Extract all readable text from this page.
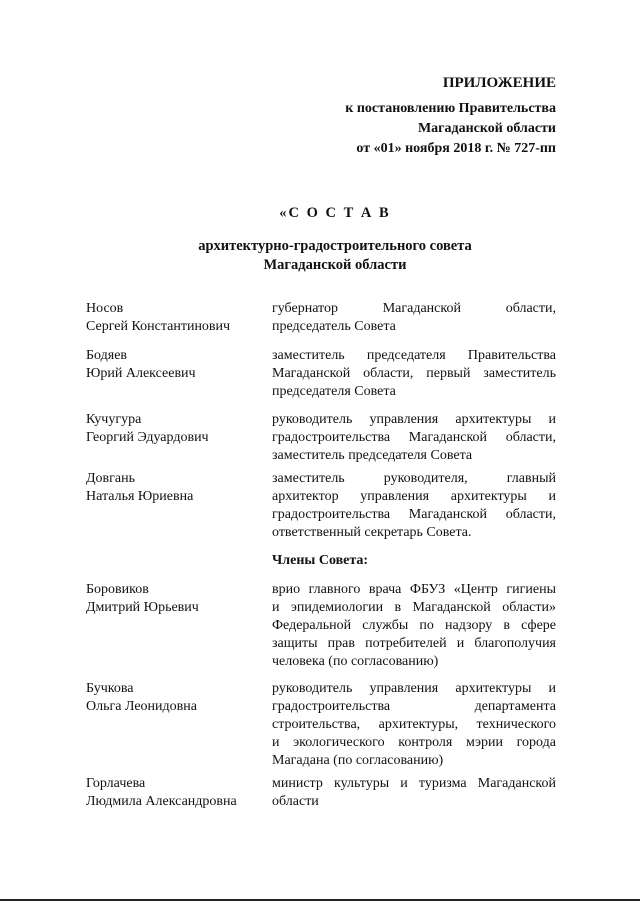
ПРИЛОЖЕНИЕ
к постановлению Правительства
Магаданской области
от «01» ноября 2018 г. № 727-пп
«С О С Т А В
архитектурно-градостроительного совета
Магаданской области
Носов
Сергей Константинович
губернатор Магаданской области,
председатель Совета
Бодяев
Юрий Алексеевич
заместитель председателя Правительства
Магаданской области, первый заместитель
председателя Совета
Кучугура
Георгий Эдуардович
руководитель управления архитектуры и
градостроительства Магаданской области,
заместитель председателя Совета
Довгань
Наталья Юриевна
заместитель руководителя, главный
архитектор управления архитектуры и
градостроительства Магаданской области,
ответственный секретарь Совета.
Боровиков
Дмитрий Юрьевич
врио главного врача ФБУЗ «Центр гигиены
и эпидемиологии в Магаданской области»
Федеральной службы по надзору в сфере
защиты прав потребителей и благополучия
человека (по согласованию)
Бучкова
Ольга Леонидовна
руководитель управления архитектуры и
градостроительства департамента
строительства, архитектуры, технического
и экологического контроля мэрии города
Магадана (по согласованию)
Горлачева
Людмила Александровна
министр культуры и туризма Магаданской
области
Члены Совета:
